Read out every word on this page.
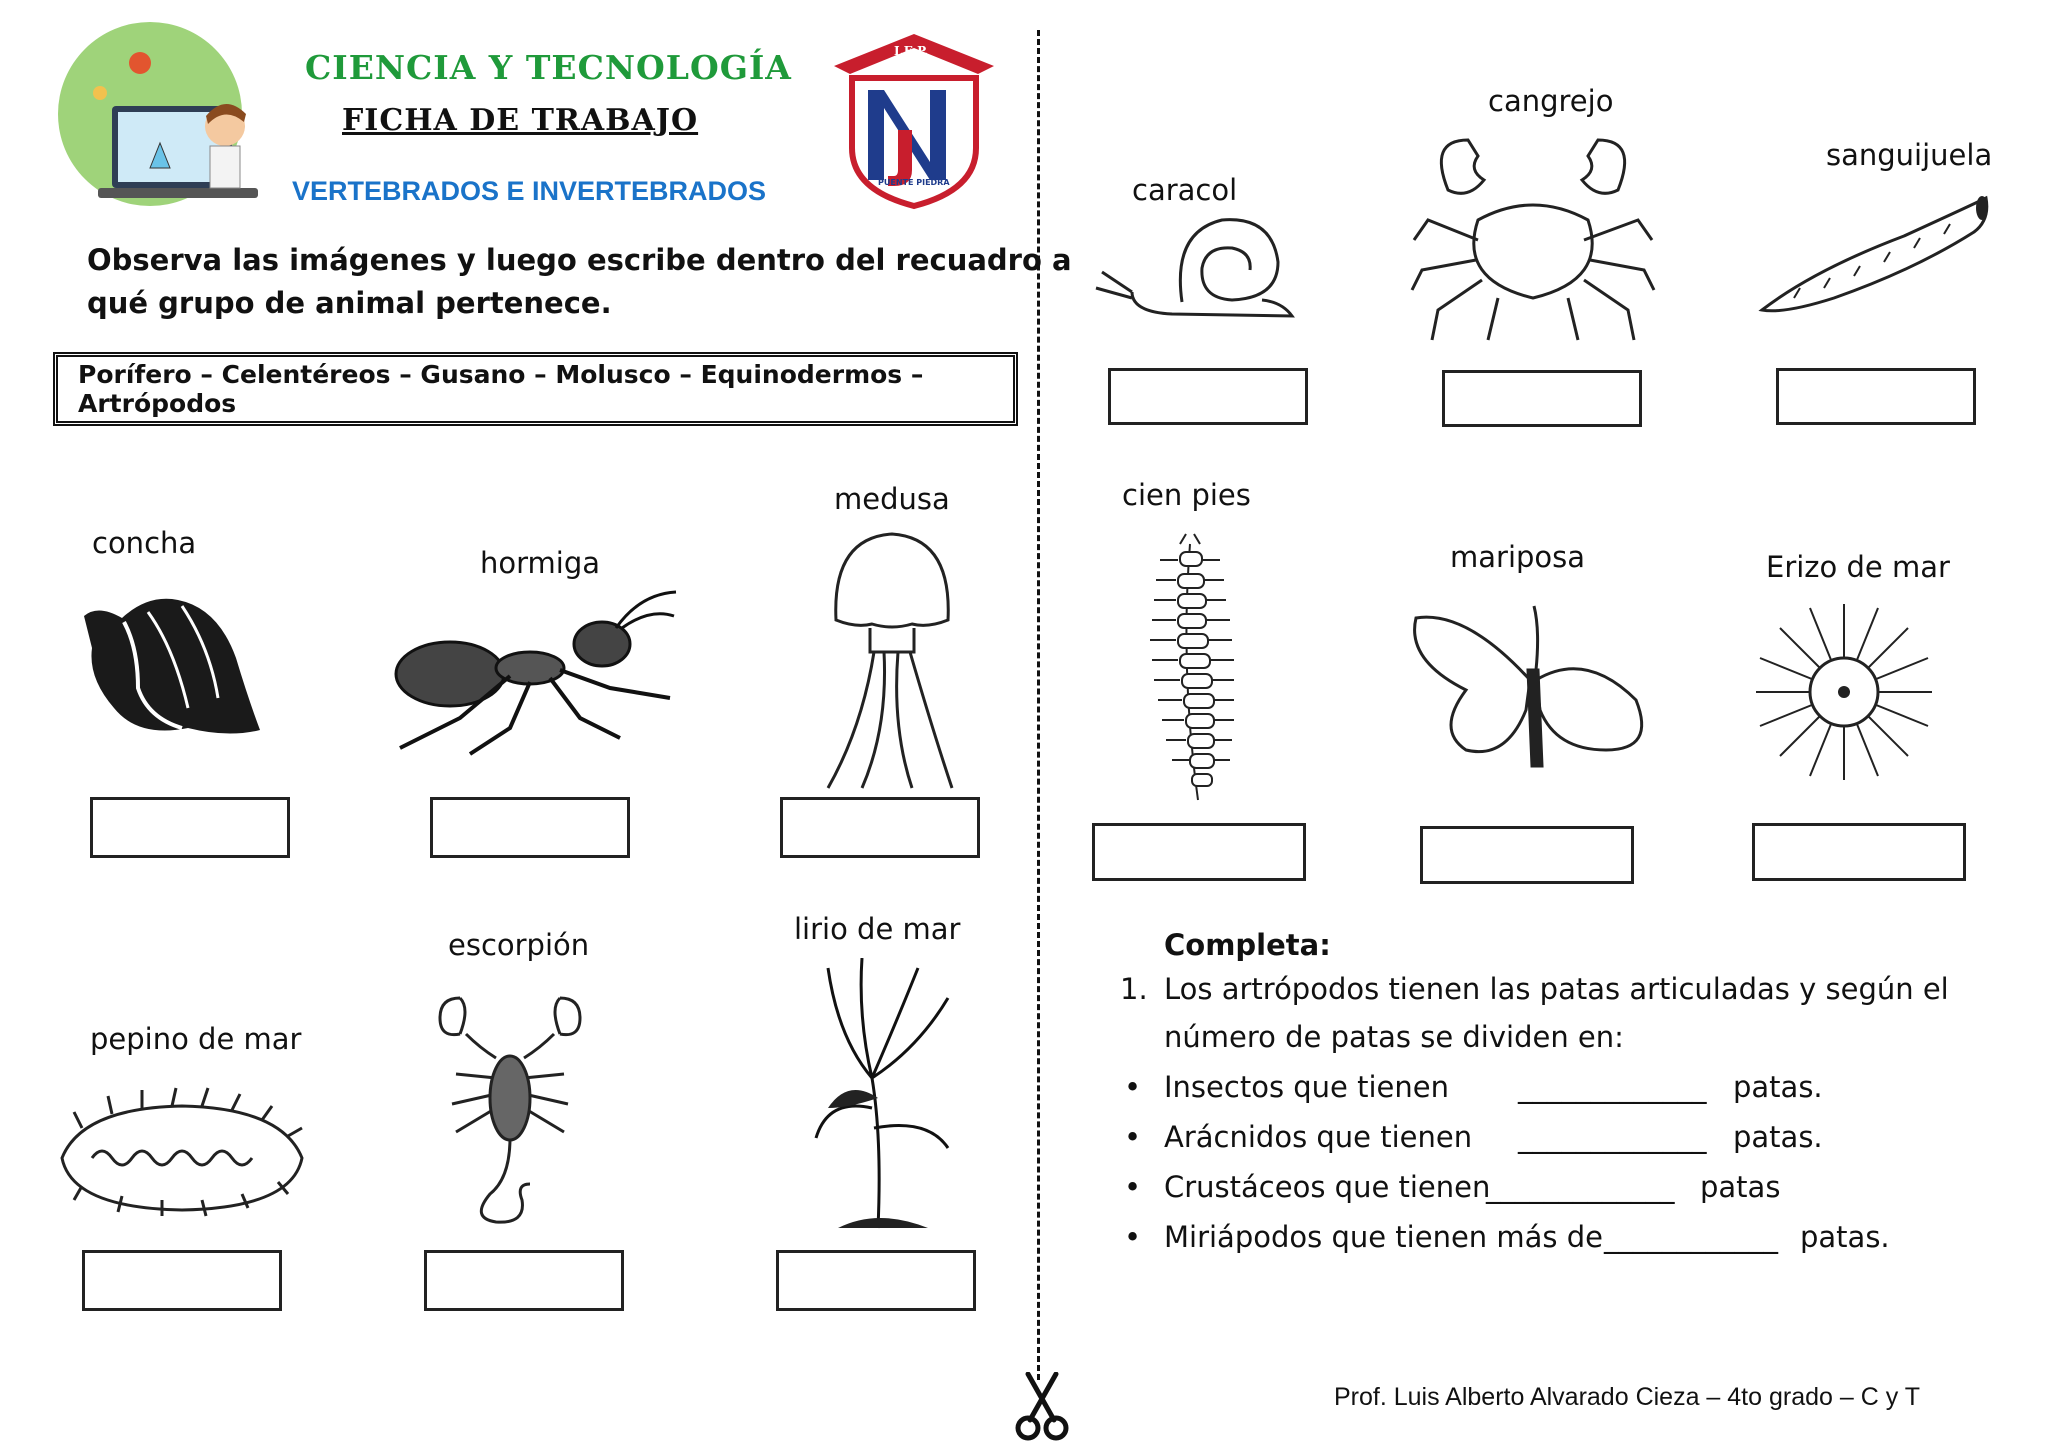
CIENCIA Y TECNOLOGÍA
FICHA DE TRABAJO
VERTEBRADOS E INVERTEBRADOS
I.E.P.
PUENTE PIEDRA
Observa las imágenes y luego escribe dentro del recuadro a
qué grupo de animal pertenece.
Porífero – Celentéreos – Gusano – Molusco – Equinodermos – Artrópodos
concha
hormiga
medusa
pepino de mar
escorpión	lirio de mar
caracol
cangrejo
sanguijuela
cien pies
mariposa	Erizo de mar
Completa:
1. Los artrópodos tienen las patas articuladas y según el
número de patas se dividen en:
• Insectos que tienen _____________ patas.
• Arácnidos que tienen _____________ patas.
• Crustáceos que tienen
_____________ patas
• Miriápodos que tienen más de ____________ patas.
Prof. Luis Alberto Alvarado Cieza – 4to grado – C y T
